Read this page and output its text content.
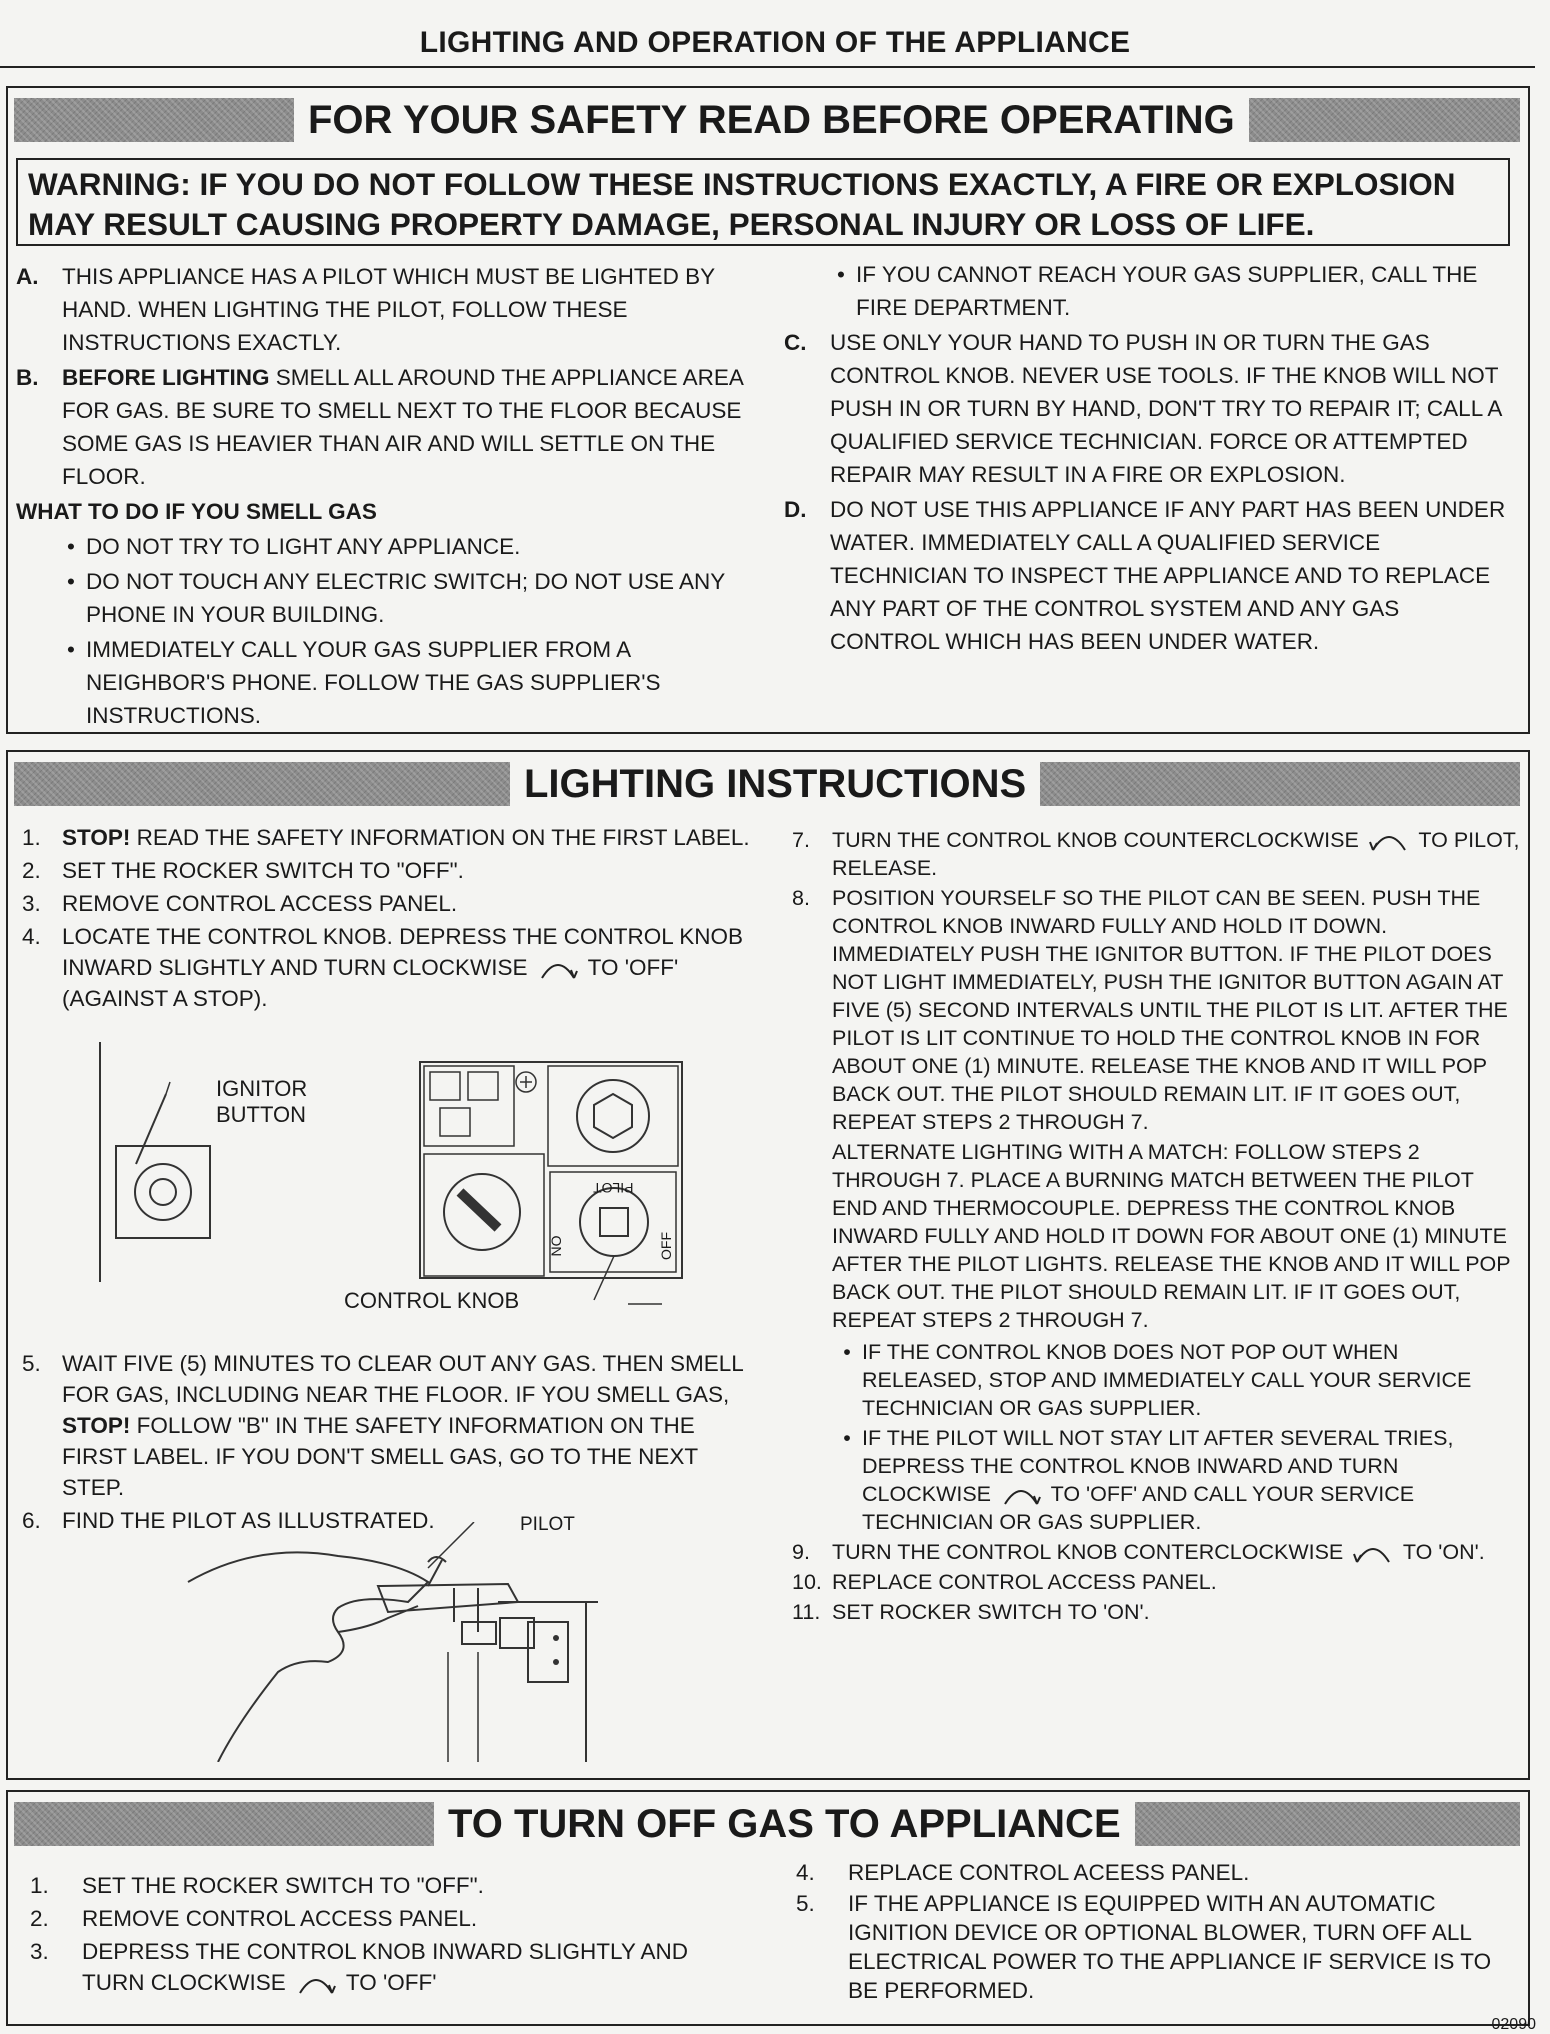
LIGHTING AND OPERATION OF THE APPLIANCE
FOR YOUR SAFETY READ BEFORE OPERATING
WARNING: IF YOU DO NOT FOLLOW THESE INSTRUCTIONS EXACTLY, A FIRE OR EXPLOSION MAY RESULT CAUSING PROPERTY DAMAGE, PERSONAL INJURY OR LOSS OF LIFE.
A.	THIS APPLIANCE HAS A PILOT WHICH MUST BE LIGHTED BY HAND. WHEN LIGHTING THE PILOT, FOLLOW THESE INSTRUCTIONS EXACTLY.
B.	BEFORE LIGHTING SMELL ALL AROUND THE APPLIANCE AREA FOR GAS. BE SURE TO SMELL NEXT TO THE FLOOR BECAUSE SOME GAS IS HEAVIER THAN AIR AND WILL SETTLE ON THE FLOOR.
WHAT TO DO IF YOU SMELL GAS
• DO NOT TRY TO LIGHT ANY APPLIANCE.
• DO NOT TOUCH ANY ELECTRIC SWITCH; DO NOT USE ANY PHONE IN YOUR BUILDING.
• IMMEDIATELY CALL YOUR GAS SUPPLIER FROM A NEIGHBOR'S PHONE. FOLLOW THE GAS SUPPLIER'S INSTRUCTIONS.
• IF YOU CANNOT REACH YOUR GAS SUPPLIER, CALL THE FIRE DEPARTMENT.
C.	USE ONLY YOUR HAND TO PUSH IN OR TURN THE GAS CONTROL KNOB. NEVER USE TOOLS. IF THE KNOB WILL NOT PUSH IN OR TURN BY HAND, DON'T TRY TO REPAIR IT; CALL A QUALIFIED SERVICE TECHNICIAN. FORCE OR ATTEMPTED REPAIR MAY RESULT IN A FIRE OR EXPLOSION.
D.	DO NOT USE THIS APPLIANCE IF ANY PART HAS BEEN UNDER WATER. IMMEDIATELY CALL A QUALIFIED SERVICE TECHNICIAN TO INSPECT THE APPLIANCE AND TO REPLACE ANY PART OF THE CONTROL SYSTEM AND ANY GAS CONTROL WHICH HAS BEEN UNDER WATER.
LIGHTING INSTRUCTIONS
1. STOP! READ THE SAFETY INFORMATION ON THE FIRST LABEL.
2. SET THE ROCKER SWITCH TO "OFF".
3. REMOVE CONTROL ACCESS PANEL.
4. LOCATE THE CONTROL KNOB. DEPRESS THE CONTROL KNOB INWARD SLIGHTLY AND TURN CLOCKWISE	TO 'OFF' (AGAINST A STOP).
IGNITOR BUTTON
PILOT
ON	OFF
CONTROL KNOB
5. WAIT FIVE (5) MINUTES TO CLEAR OUT ANY GAS. THEN SMELL FOR GAS, INCLUDING NEAR THE FLOOR. IF YOU SMELL GAS, STOP! FOLLOW "B" IN THE SAFETY INFORMATION ON THE FIRST LABEL. IF YOU DON'T SMELL GAS, GO TO THE NEXT STEP.
6. FIND THE PILOT AS ILLUSTRATED.	PILOT
7.	TURN THE CONTROL KNOB COUNTERCLOCKWISE	TO PILOT, RELEASE.
8.	POSITION YOURSELF SO THE PILOT CAN BE SEEN. PUSH THE CONTROL KNOB INWARD FULLY AND HOLD IT DOWN. IMMEDIATELY PUSH THE IGNITOR BUTTON. IF THE PILOT DOES NOT LIGHT IMMEDIATELY, PUSH THE IGNITOR BUTTON AGAIN AT FIVE (5) SECOND INTERVALS UNTIL THE PILOT IS LIT. AFTER THE PILOT IS LIT CONTINUE TO HOLD THE CONTROL KNOB IN FOR ABOUT ONE (1) MINUTE. RELEASE THE KNOB AND IT WILL POP BACK OUT. THE PILOT SHOULD REMAIN LIT. IF IT GOES OUT, REPEAT STEPS 2 THROUGH 7.
ALTERNATE LIGHTING WITH A MATCH: FOLLOW STEPS 2 THROUGH 7. PLACE A BURNING MATCH BETWEEN THE PILOT END AND THERMOCOUPLE. DEPRESS THE CONTROL KNOB INWARD FULLY AND HOLD IT DOWN FOR ABOUT ONE (1) MINUTE AFTER THE PILOT LIGHTS. RELEASE THE KNOB AND IT WILL POP BACK OUT. THE PILOT SHOULD REMAIN LIT. IF IT GOES OUT, REPEAT STEPS 2 THROUGH 7.
• IF THE CONTROL KNOB DOES NOT POP OUT WHEN RELEASED, STOP AND IMMEDIATELY CALL YOUR SERVICE TECHNICIAN OR GAS SUPPLIER.
• IF THE PILOT WILL NOT STAY LIT AFTER SEVERAL TRIES, DEPRESS THE CONTROL KNOB INWARD AND TURN CLOCKWISE	TO 'OFF' AND CALL YOUR SERVICE TECHNICIAN OR GAS SUPPLIER.
9.	TURN THE CONTROL KNOB CONTERCLOCKWISE	TO 'ON'.
10. REPLACE CONTROL ACCESS PANEL.
11. SET ROCKER SWITCH TO 'ON'.
TO TURN OFF GAS TO APPLIANCE
1.	SET THE ROCKER SWITCH TO "OFF".
2.	REMOVE CONTROL ACCESS PANEL.
3.	DEPRESS THE CONTROL KNOB INWARD SLIGHTLY AND TURN CLOCKWISE	TO 'OFF'
4.	REPLACE CONTROL ACEESS PANEL.
5.	IF THE APPLIANCE IS EQUIPPED WITH AN AUTOMATIC IGNITION DEVICE OR OPTIONAL BLOWER, TURN OFF ALL ELECTRICAL POWER TO THE APPLIANCE IF SERVICE IS TO BE PERFORMED.
02090
